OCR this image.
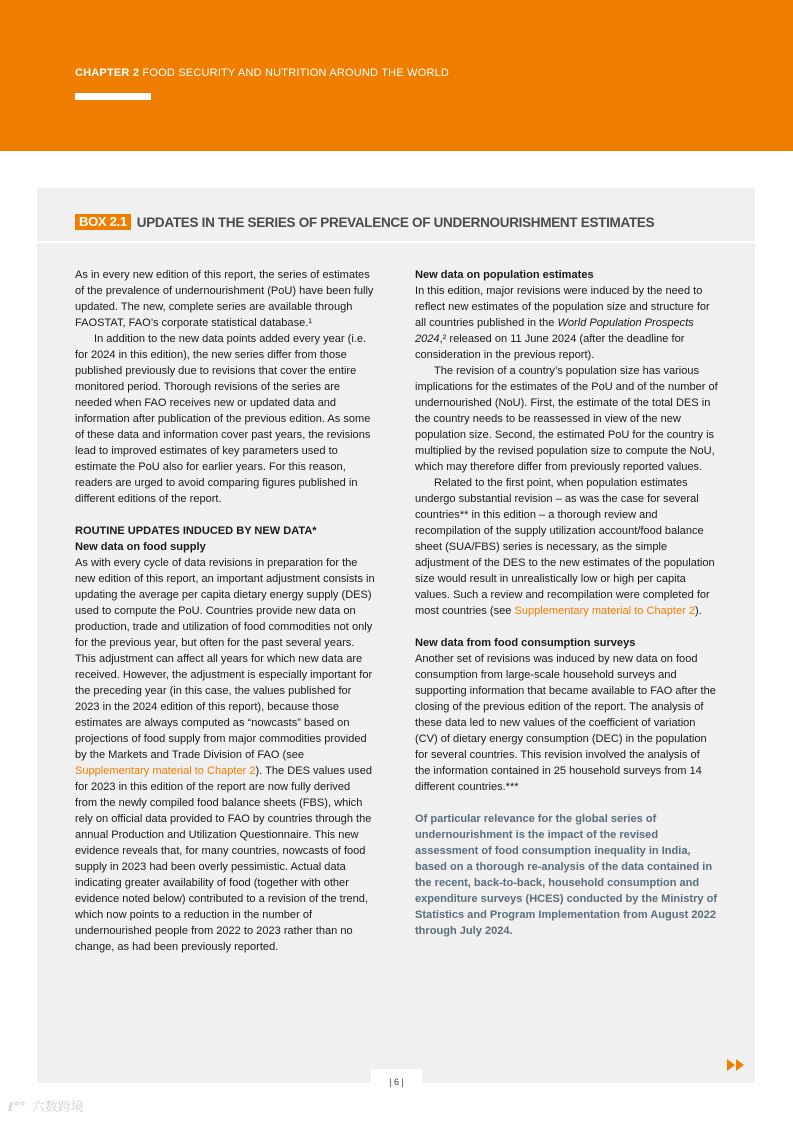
CHAPTER 2 FOOD SECURITY AND NUTRITION AROUND THE WORLD
BOX 2.1 UPDATES IN THE SERIES OF PREVALENCE OF UNDERNOURISHMENT ESTIMATES

As in every new edition of this report, the series of estimates of the prevalence of undernourishment (PoU) have been fully updated. The new, complete series are available through FAOSTAT, FAO’s corporate statistical database.¹

In addition to the new data points added every year (i.e. for 2024 in this edition), the new series differ from those published previously due to revisions that cover the entire monitored period. Thorough revisions of the series are needed when FAO receives new or updated data and information after publication of the previous edition. As some of these data and information cover past years, the revisions lead to improved estimates of key parameters used to estimate the PoU also for earlier years. For this reason, readers are urged to avoid comparing figures published in different editions of the report.

ROUTINE UPDATES INDUCED BY NEW DATA*

New data on food supply

As with every cycle of data revisions in preparation for the new edition of this report, an important adjustment consists in updating the average per capita dietary energy supply (DES) used to compute the PoU. Countries provide new data on production, trade and utilization of food commodities not only for the previous year, but often for the past several years. This adjustment can affect all years for which new data are received. However, the adjustment is especially important for the preceding year (in this case, the values published for 2023 in the 2024 edition of this report), because those estimates are always computed as “nowcasts” based on projections of food supply from major commodities provided by the Markets and Trade Division of FAO (see Supplementary material to Chapter 2). The DES values used for 2023 in this edition of the report are now fully derived from the newly compiled food balance sheets (FBS), which rely on official data provided to FAO by countries through the annual Production and Utilization Questionnaire. This new evidence reveals that, for many countries, nowcasts of food supply in 2023 had been overly pessimistic. Actual data indicating greater availability of food (together with other evidence noted below) contributed to a revision of the trend, which now points to a reduction in the number of undernourished people from 2022 to 2023 rather than no change, as had been previously reported.

New data on population estimates

In this edition, major revisions were induced by the need to reflect new estimates of the population size and structure for all countries published in the World Population Prospects 2024,² released on 11 June 2024 (after the deadline for consideration in the previous report).

The revision of a country’s population size has various implications for the estimates of the PoU and of the number of undernourished (NoU). First, the estimate of the total DES in the country needs to be reassessed in view of the new population size. Second, the estimated PoU for the country is multiplied by the revised population size to compute the NoU, which may therefore differ from previously reported values.

Related to the first point, when population estimates undergo substantial revision – as was the case for several countries** in this edition – a thorough review and recompilation of the supply utilization account/food balance sheet (SUA/FBS) series is necessary, as the simple adjustment of the DES to the new estimates of the population size would result in unrealistically low or high per capita values. Such a review and recompilation were completed for most countries (see Supplementary material to Chapter 2).

New data from food consumption surveys

Another set of revisions was induced by new data on food consumption from large-scale household surveys and supporting information that became available to FAO after the closing of the previous edition of the report. The analysis of these data led to new values of the coefficient of variation (CV) of dietary energy consumption (DEC) in the population for several countries. This revision involved the analysis of the information contained in 25 household surveys from 14 different countries.***

Of particular relevance for the global series of undernourishment is the impact of the revised assessment of food consumption inequality in India, based on a thorough re-analysis of the data contained in the recent, back-to-back, household consumption and expenditure surveys (HCES) conducted by the Ministry of Statistics and Program Implementation from August 2022 through July 2024.

| 6 |
ℓ°° 六数跨境
